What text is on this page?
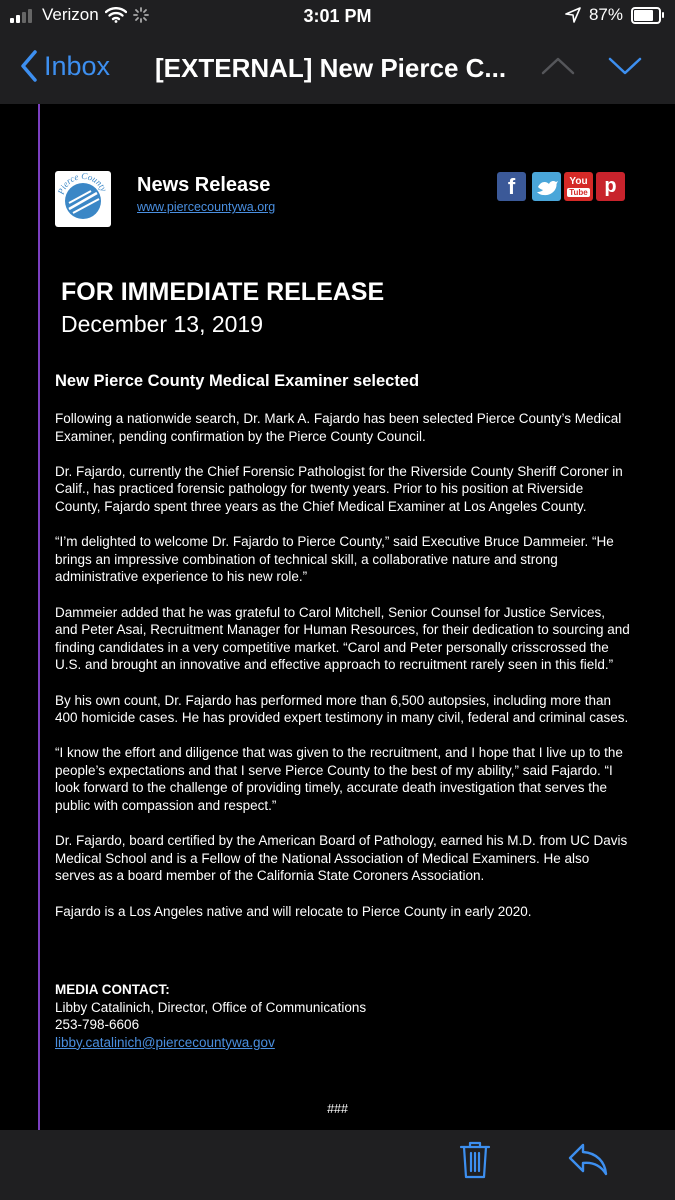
Verizon	3:01 PM	87%
Inbox [EXTERNAL] New Pierce C...
Pierce County News Release
www.piercecountywa.org
f	You
Tube p
FOR IMMEDIATE RELEASE
December 13, 2019
New Pierce County Medical Examiner selected

Following a nationwide search, Dr. Mark A. Fajardo has been selected Pierce County’s Medical Examiner, pending confirmation by the Pierce County Council.

Dr. Fajardo, currently the Chief Forensic Pathologist for the Riverside County Sheriff Coroner in Calif., has practiced forensic pathology for twenty years. Prior to his position at Riverside County, Fajardo spent three years as the Chief Medical Examiner at Los Angeles County.

“I’m delighted to welcome Dr. Fajardo to Pierce County,” said Executive Bruce Dammeier. “He brings an impressive combination of technical skill, a collaborative nature and strong administrative experience to his new role.”

Dammeier added that he was grateful to Carol Mitchell, Senior Counsel for Justice Services, and Peter Asai, Recruitment Manager for Human Resources, for their dedication to sourcing and finding candidates in a very competitive market. “Carol and Peter personally crisscrossed the U.S. and brought an innovative and effective approach to recruitment rarely seen in this field.”

By his own count, Dr. Fajardo has performed more than 6,500 autopsies, including more than 400 homicide cases. He has provided expert testimony in many civil, federal and criminal cases.

“I know the effort and diligence that was given to the recruitment, and I hope that I live up to the people’s expectations and that I serve Pierce County to the best of my ability,” said Fajardo. “I look forward to the challenge of providing timely, accurate death investigation that serves the public with compassion and respect.”

Dr. Fajardo, board certified by the American Board of Pathology, earned his M.D. from UC Davis Medical School and is a Fellow of the National Association of Medical Examiners. He also serves as a board member of the California State Coroners Association.

Fajardo is a Los Angeles native and will relocate to Pierce County in early 2020.

MEDIA CONTACT:
Libby Catalinich, Director, Office of Communications
253-798-6606
libby.catalinich@piercecountywa.gov
###
